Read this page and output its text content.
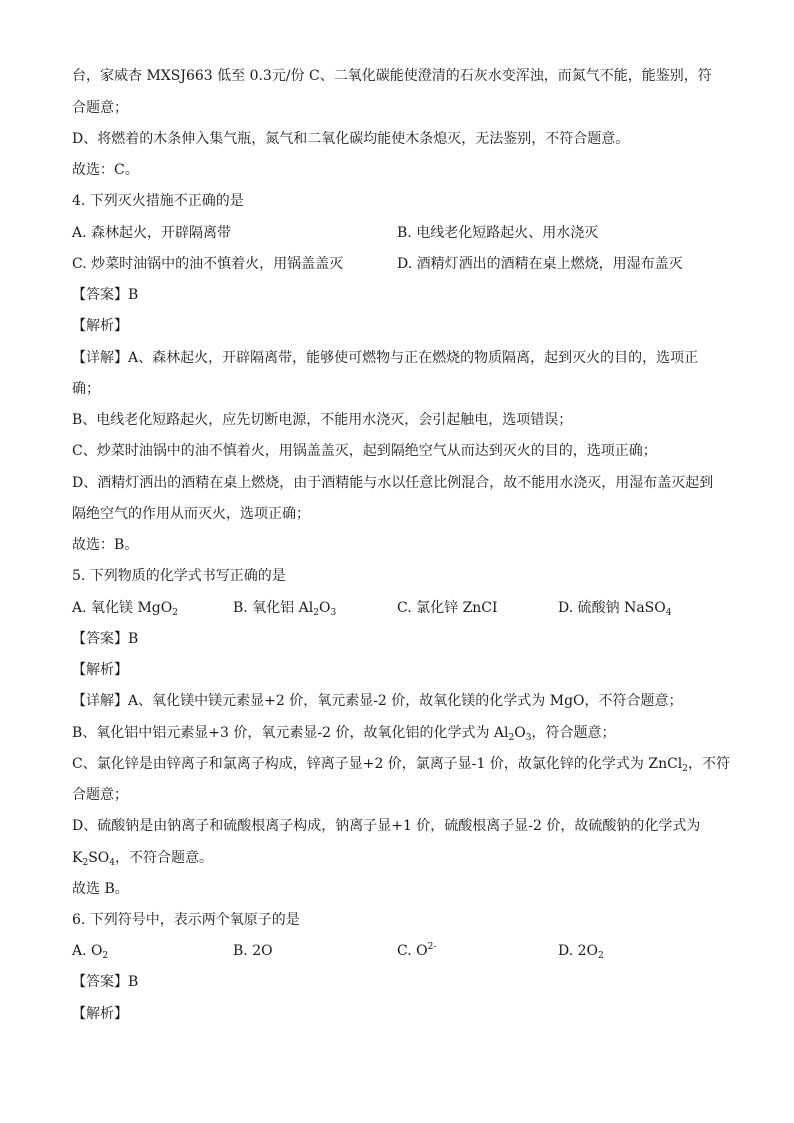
台，家威杏 MXSJ663 低至 0.3元/份 C、二氧化碳能使澄清的石灰水变浑浊，而氮气不能，能鉴别，符
合题意；
D、将燃着的木条伸入集气瓶，氮气和二氧化碳均能使木条熄灭，无法鉴别，不符合题意。
故选：C。
4. 下列灭火措施不正确的是
A. 森林起火，开辟隔离带	B. 电线老化短路起火、用水浇灭
C. 炒菜时油锅中的油不慎着火，用锅盖盖灭	D. 酒精灯洒出的酒精在桌上燃烧，用湿布盖灭
【答案】B
【解析】
【详解】A、森林起火，开辟隔离带，能够使可燃物与正在燃烧的物质隔离，起到灭火的目的，选项正
确；
B、电线老化短路起火，应先切断电源，不能用水浇灭，会引起触电，选项错误；
C、炒菜时油锅中的油不慎着火，用锅盖盖灭，起到隔绝空气从而达到灭火的目的，选项正确；
D、酒精灯洒出的酒精在桌上燃烧，由于酒精能与水以任意比例混合，故不能用水浇灭，用湿布盖灭起到
隔绝空气的作用从而灭火，选项正确；
故选：B。
5. 下列物质的化学式书写正确的是
A. 氧化镁 MgO$_2$	B. 氧化铝 $Al_2O_3$	C. 氯化锌 ZnCI	D. 硫酸钠 NaSO$_4$
【答案】B
【解析】
【详解】A、氧化镁中镁元素显+2 价，氧元素显-2 价，故氧化镁的化学式为 MgO，不符合题意；
B、氧化铝中铝元素显+3 价，氧元素显-2 价，故氧化铝的化学式为 $Al_2O_3$，符合题意；
C、氯化锌是由锌离子和氯离子构成，锌离子显+2 价，氯离子显-1 价，故氯化锌的化学式为 ZnCl$_2$，不符
合题意；
D、硫酸钠是由钠离子和硫酸根离子构成，钠离子显+1 价，硫酸根离子显-2 价，故硫酸钠的化学式为
$K_2SO_4$，不符合题意。
故选 B。
6. 下列符号中，表示两个氧原子的是
A. $O_2$	B. 2O	C. $O^{2-}$	D. $2O_2$
【答案】B
【解析】
